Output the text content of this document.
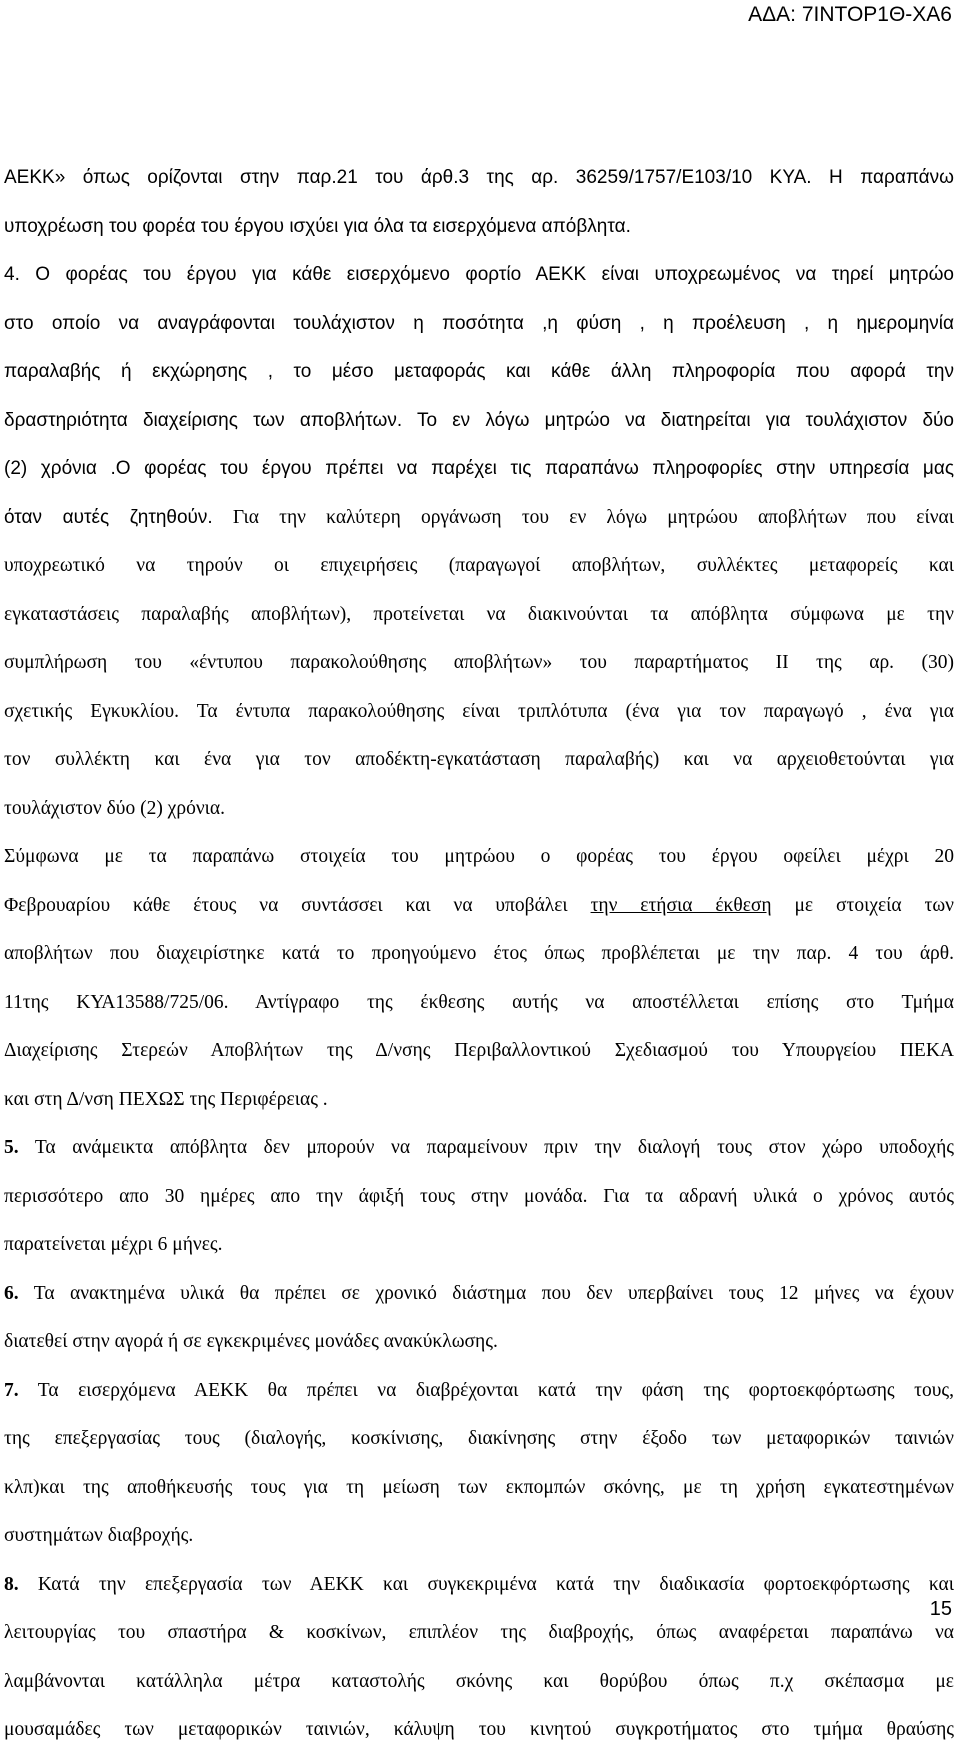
ΑΔΑ: 7ΙΝΤΟΡ1Θ-ΧΑ6
ΑΕΚΚ» όπως ορίζονται στην παρ.21 του άρθ.3 της αρ. 36259/1757/Ε103/10 ΚΥΑ. Η παραπάνω
υποχρέωση του φορέα του έργου ισχύει για όλα τα εισερχόμενα απόβλητα.
4. Ο φορέας του έργου για κάθε εισερχόμενο φορτίο ΑΕΚΚ είναι υποχρεωμένος να τηρεί μητρώο
στο οποίο να αναγράφονται τουλάχιστον η ποσότητα ,η φύση , η προέλευση , η ημερομηνία
παραλαβής ή εκχώρησης , το μέσο μεταφοράς και κάθε άλλη πληροφορία που αφορά την
δραστηριότητα διαχείρισης των αποβλήτων. Το εν λόγω μητρώο να διατηρείται για τουλάχιστον δύο
(2) χρόνια .Ο φορέας του έργου πρέπει να παρέχει τις παραπάνω πληροφορίες στην υπηρεσία μας
όταν αυτές ζητηθούν. Για την καλύτερη οργάνωση του εν λόγω μητρώου αποβλήτων που είναι
υποχρεωτικό να τηρούν οι επιχειρήσεις (παραγωγοί αποβλήτων, συλλέκτες μεταφορείς και
εγκαταστάσεις παραλαβής αποβλήτων), προτείνεται να διακινούνται τα απόβλητα σύμφωνα με την
συμπλήρωση του «έντυπου παρακολούθησης αποβλήτων» του παραρτήματος ΙΙ της αρ. (30)
σχετικής Εγκυκλίου. Τα έντυπα παρακολούθησης είναι τριπλότυπα (ένα για τον παραγωγό , ένα για
τον συλλέκτη και ένα για τον αποδέκτη-εγκατάσταση παραλαβής) και να αρχειοθετούνται για
τουλάχιστον δύο (2) χρόνια.
Σύμφωνα με τα παραπάνω στοιχεία του μητρώου ο φορέας του έργου οφείλει μέχρι 20
Φεβρουαρίου κάθε έτους να συντάσσει και να υποβάλει την ετήσια έκθεση με στοιχεία των
αποβλήτων που διαχειρίστηκε κατά το προηγούμενο έτος όπως προβλέπεται με την παρ. 4 του άρθ.
11της ΚΥΑ13588/725/06. Αντίγραφο της έκθεσης αυτής να αποστέλλεται επίσης στο Τμήμα
Διαχείρισης Στερεών Αποβλήτων της Δ/νσης Περιβαλλοντικού Σχεδιασμού του Υπουργείου ΠΕΚΑ
και στη Δ/νση ΠΕΧΩΣ της Περιφέρειας .
5. Τα ανάμεικτα απόβλητα δεν μπορούν να παραμείνουν πριν την διαλογή τους στον χώρο υποδοχής
περισσότερο απο 30 ημέρες απο την άφιξή τους στην μονάδα. Για τα αδρανή υλικά ο χρόνος αυτός
παρατείνεται μέχρι 6 μήνες.
6. Τα ανακτημένα υλικά θα πρέπει σε χρονικό διάστημα που δεν υπερβαίνει τους 12 μήνες να έχουν
διατεθεί στην αγορά ή σε εγκεκριμένες μονάδες ανακύκλωσης.
7. Τα εισερχόμενα ΑΕΚΚ θα πρέπει να διαβρέχονται κατά την φάση της φορτοεκφόρτωσης τους,
της επεξεργασίας τους (διαλογής, κοσκίνισης, διακίνησης στην έξοδο των μεταφορικών ταινιών
κλπ)και της αποθήκευσής τους για τη μείωση των εκπομπών σκόνης, με τη χρήση εγκατεστημένων
συστημάτων διαβροχής.
8. Κατά την επεξεργασία των ΑΕΚΚ και συγκεκριμένα κατά την διαδικασία φορτοεκφόρτωσης και
λειτουργίας του σπαστήρα & κοσκίνων, επιπλέον της διαβροχής, όπως αναφέρεται παραπάνω να
λαμβάνονται κατάλληλα μέτρα καταστολής σκόνης και θορύβου όπως π.χ σκέπασμα με
μουσαμάδες των μεταφορικών ταινιών, κάλυψη του κινητού συγκροτήματος στο τμήμα θραύσης
15
